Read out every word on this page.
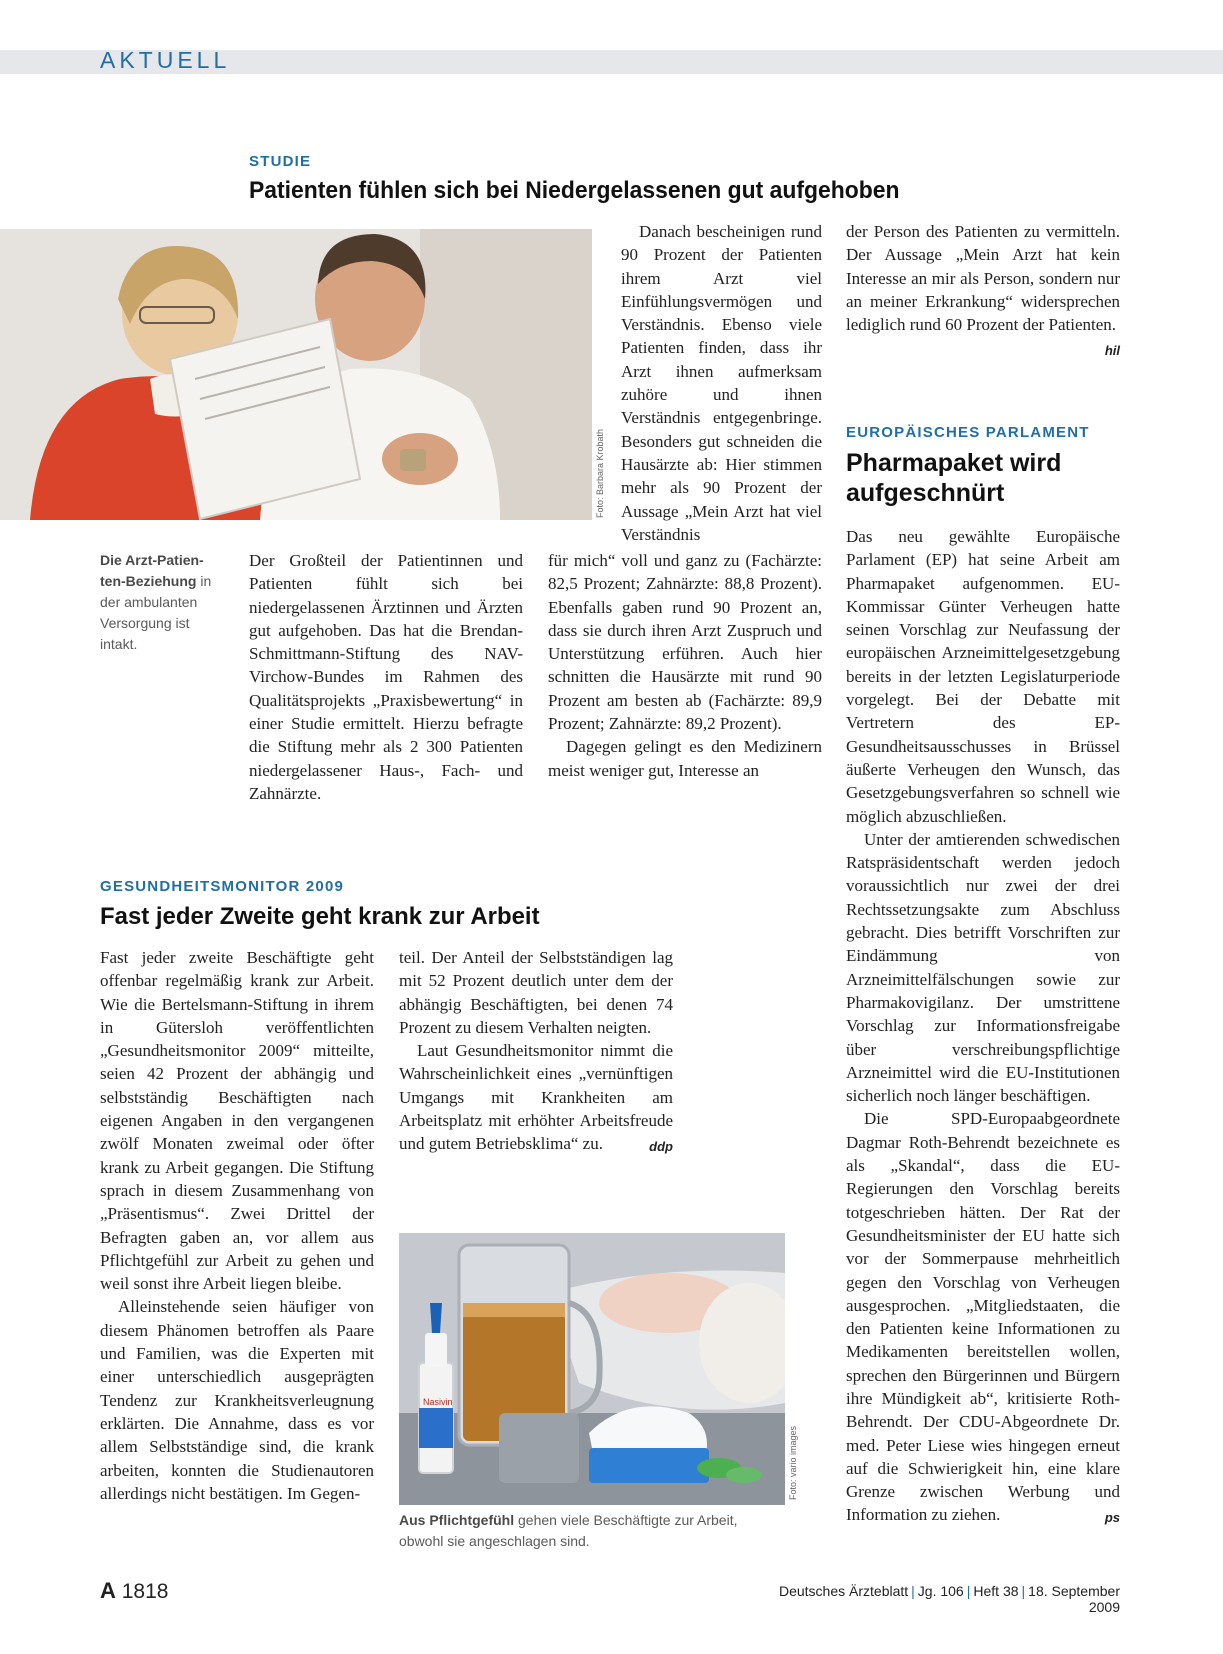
AKTUELL
STUDIE
Patienten fühlen sich bei Niedergelassenen gut aufgehoben
Foto: Barbara Krobath
Die Arzt-Patien-ten-Beziehung in der ambulanten Versorgung ist intakt.

Der Großteil der Patientinnen und Patienten fühlt sich bei niedergelassenen Ärztinnen und Ärzten gut aufgehoben. Das hat die Brendan-Schmittmann-Stiftung des NAV-Virchow-Bundes im Rahmen des Qualitätsprojekts „Praxisbewertung“ in einer Studie ermittelt. Hierzu befragte die Stiftung mehr als 2 300 Patienten niedergelassener Haus-, Fach- und Zahnärzte.

Danach bescheinigen rund 90 Prozent der Patienten ihrem Arzt viel Einfühlungsvermögen und Verständnis. Ebenso viele Patienten finden, dass ihr Arzt ihnen aufmerksam zuhöre und ihnen Verständnis entgegenbringe. Besonders gut schneiden die Hausärzte ab: Hier stimmen mehr als 90 Prozent der Aussage „Mein Arzt hat viel Verständnis

für mich“ voll und ganz zu (Fachärzte: 82,5 Prozent; Zahnärzte: 88,8 Prozent). Ebenfalls gaben rund 90 Prozent an, dass sie durch ihren Arzt Zuspruch und Unterstützung erführen. Auch hier schnitten die Hausärzte mit rund 90 Prozent am besten ab (Fachärzte: 89,9 Prozent; Zahnärzte: 89,2 Prozent).

Dagegen gelingt es den Medizinern meist weniger gut, Interesse an

der Person des Patienten zu vermitteln. Der Aussage „Mein Arzt hat kein Interesse an mir als Person, sondern nur an meiner Erkrankung“ widersprechen lediglich rund 60 Prozent der Patienten.
hil

EUROPÄISCHES PARLAMENT
Pharmapaket wird
aufgeschnürt

Das neu gewählte Europäische Parlament (EP) hat seine Arbeit am Pharmapaket aufgenommen. EU-Kommissar Günter Verheugen hatte seinen Vorschlag zur Neufassung der europäischen Arzneimittelgesetzgebung bereits in der letzten Legislaturperiode vorgelegt. Bei der Debatte mit Vertretern des EP-Gesundheitsausschusses in Brüssel äußerte Verheugen den Wunsch, das Gesetzgebungsverfahren so schnell wie möglich abzuschließen.

Unter der amtierenden schwedischen Ratspräsidentschaft werden jedoch voraussichtlich nur zwei der drei Rechtssetzungsakte zum Abschluss gebracht. Dies betrifft Vorschriften zur Eindämmung von Arzneimittelfälschungen sowie zur Pharmakovigilanz. Der umstrittene Vorschlag zur Informationsfreigabe über verschreibungspflichtige Arzneimittel wird die EU-Institutionen sicherlich noch länger beschäftigen.

Die SPD-Europaabgeordnete Dagmar Roth-Behrendt bezeichnete es als „Skandal“, dass die EU-Regierungen den Vorschlag bereits totgeschrieben hätten. Der Rat der Gesundheitsminister der EU hatte sich vor der Sommerpause mehrheitlich gegen den Vorschlag von Verheugen ausgesprochen. „Mitgliedstaaten, die den Patienten keine Informationen zu Medikamenten bereitstellen wollen, sprechen den Bürgerinnen und Bürgern ihre Mündigkeit ab“, kritisierte Roth-Behrendt. Der CDU-Abgeordnete Dr. med. Peter Liese wies hingegen erneut auf die Schwierigkeit hin, eine klare Grenze zwischen Werbung und Information zu ziehen.	ps

GESUNDHEITSMONITOR 2009
Fast jeder Zweite geht krank zur Arbeit

Fast jeder zweite Beschäftigte geht offenbar regelmäßig krank zur Arbeit. Wie die Bertelsmann-Stiftung in ihrem in Gütersloh veröffentlichten „Gesundheitsmonitor 2009“ mitteilte, seien 42 Prozent der abhängig und selbstständig Beschäftigten nach eigenen Angaben in den vergangenen zwölf Monaten zweimal oder öfter krank zu Arbeit gegangen. Die Stiftung sprach in diesem Zusammenhang von „Präsentismus“. Zwei Drittel der Befragten gaben an, vor allem aus Pflichtgefühl zur Arbeit zu gehen und weil sonst ihre Arbeit liegen bleibe.

Alleinstehende seien häufiger von diesem Phänomen betroffen als Paare und Familien, was die Experten mit einer unterschiedlich ausgeprägten Tendenz zur Krankheitsverleugnung erklärten. Die Annahme, dass es vor allem Selbstständige sind, die krank arbeiten, konnten die Studienautoren allerdings nicht bestätigen. Im Gegen-

teil. Der Anteil der Selbstständigen lag mit 52 Prozent deutlich unter dem der abhängig Beschäftigten, bei denen 74 Prozent zu diesem Verhalten neigten.

Laut Gesundheitsmonitor nimmt die Wahrscheinlichkeit eines „vernünftigen Umgangs mit Krankheiten am Arbeitsplatz mit erhöhter Arbeitsfreude und gutem Betriebsklima“ zu.	ddp

Nasivin
Foto: vario images
Aus Pflichtgefühl gehen viele Beschäftigte zur Arbeit, obwohl sie angeschlagen sind.
A 1818	Deutsches Ärzteblatt | Jg. 106 | Heft 38 | 18. September 2009
